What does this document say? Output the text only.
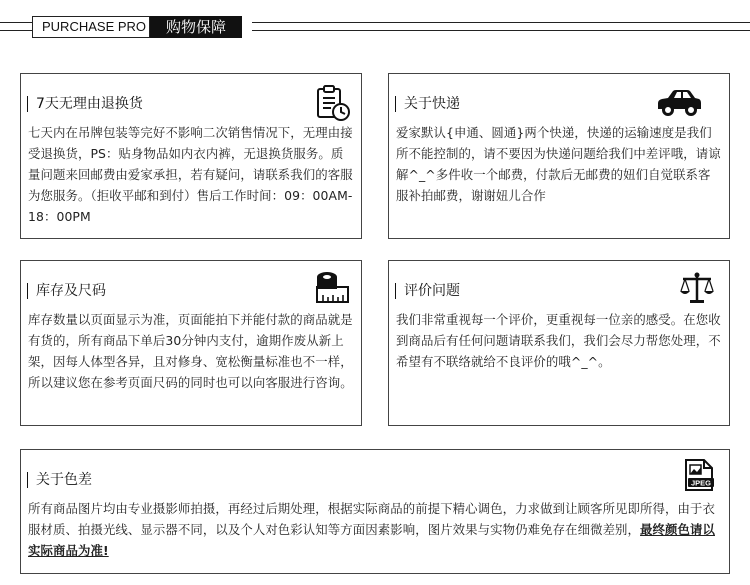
PURCHASE PRO	购物保障
7天无理由退换货
七天内在吊牌包装等完好不影响二次销售情况下，无理由接受退换货，PS：贴身物品如内衣内裤，无退换货服务。质量问题来回邮费由爱家承担，若有疑问，请联系我们的客服为您服务。（拒收平邮和到付）售后工作时间：09：00AM-18：00PM
关于快递
爱家默认{申通、圆通}两个快递，快递的运输速度是我们所不能控制的，请不要因为快递问题给我们中差评哦，请谅解^_^多件收一个邮费，付款后无邮费的妞们自觉联系客服补拍邮费，谢谢妞儿合作
库存及尺码
库存数量以页面显示为准，页面能拍下并能付款的商品就是有货的，所有商品下单后30分钟内支付，逾期作废从新上架，因每人体型各异，且对修身、宽松衡量标准也不一样，所以建议您在参考页面尺码的同时也可以向客服进行咨询。
评价问题
我们非常重视每一个评价，更重视每一位亲的感受。在您收到商品后有任何问题请联系我们，我们会尽力帮您处理，不希望有不联络就给不良评价的哦^_^。
关于色差	JPEG
所有商品图片均由专业摄影师拍摄，再经过后期处理，根据实际商品的前提下精心调色，力求做到让顾客所见即所得，由于衣服材质、拍摄光线、显示器不同，以及个人对色彩认知等方面因素影响，图片效果与实物仍难免存在细微差别，最终颜色请以实际商品为准!
